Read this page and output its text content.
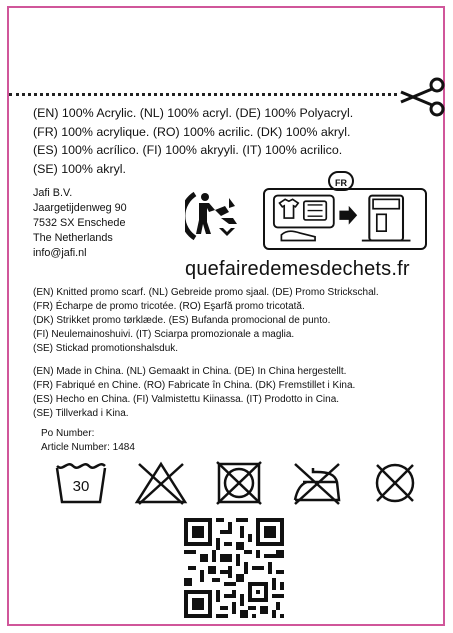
(EN) 100% Acrylic. (NL) 100% acryl. (DE) 100% Polyacryl.
(FR) 100% acrylique. (RO) 100% acrilic. (DK) 100% akryl.
(ES) 100% acrílico. (FI) 100% akryyli. (IT) 100% acrilico.
(SE) 100% akryl.
Jafi B.V.
Jaargetijdenweg 90
7532 SX Enschede
The Netherlands
info@jafi.nl
FR
quefairedemesdechets.fr
(EN) Knitted promo scarf. (NL) Gebreide promo sjaal. (DE) Promo Strickschal.
(FR) Écharpe de promo tricotée. (RO) Eşarfă promo tricotată.
(DK) Strikket promo tørklæde. (ES) Bufanda promocional de punto.
(FI) Neulemainoshuivi. (IT) Sciarpa promozionale a maglia.
(SE) Stickad promotionshalsduk.
(EN) Made in China. (NL) Gemaakt in China. (DE) In China hergestellt.
(FR) Fabriqué en Chine. (RO) Fabricate în China. (DK) Fremstillet i Kina.
(ES) Hecho en China. (FI) Valmistettu Kiinassa. (IT) Prodotto in Cina.
(SE) Tillverkad i Kina.
Po Number:
Article Number: 1484
30
